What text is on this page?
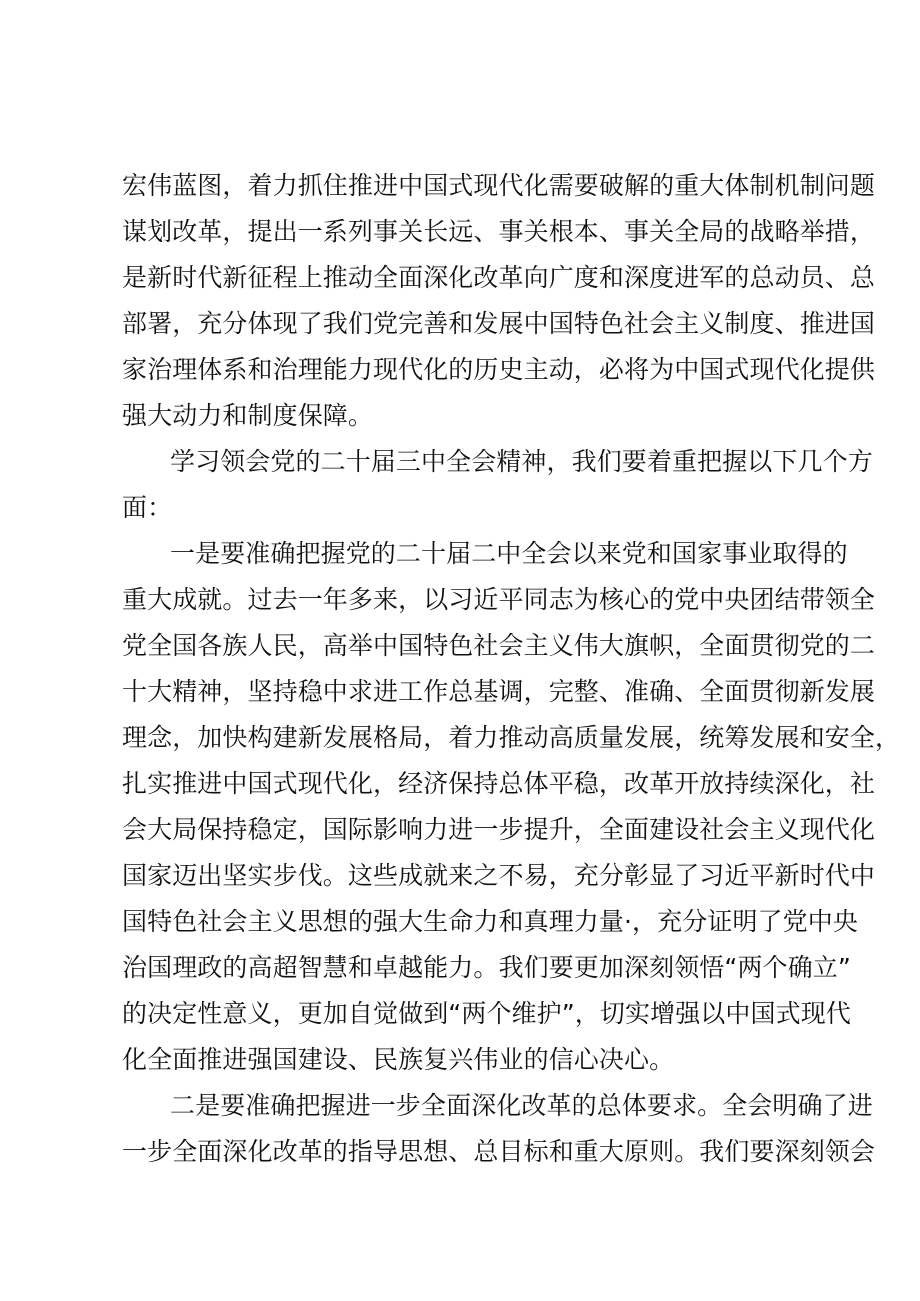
宏伟蓝图，着力抓住推进中国式现代化需要破解的重大体制机制问题
谋划改革，提出一系列事关长远、事关根本、事关全局的战略举措，
是新时代新征程上推动全面深化改革向广度和深度进军的总动员、总
部署，充分体现了我们党完善和发展中国特色社会主义制度、推进国
家治理体系和治理能力现代化的历史主动，必将为中国式现代化提供
强大动力和制度保障。
学习领会党的二十届三中全会精神，我们要着重把握以下几个方
面：
一是要准确把握党的二十届二中全会以来党和国家事业取得的
重大成就。过去一年多来，以习近平同志为核心的党中央团结带领全
党全国各族人民，高举中国特色社会主义伟大旗帜，全面贯彻党的二
十大精神，坚持稳中求进工作总基调，完整、准确、全面贯彻新发展
理念，加快构建新发展格局，着力推动高质量发展，统筹发展和安全，
扎实推进中国式现代化，经济保持总体平稳，改革开放持续深化，社
会大局保持稳定，国际影响力进一步提升，全面建设社会主义现代化
国家迈出坚实步伐。这些成就来之不易，充分彰显了习近平新时代中
国特色社会主义思想的强大生命力和真理力量·，充分证明了党中央
治国理政的高超智慧和卓越能力。我们要更加深刻领悟“两个确立”
的决定性意义，更加自觉做到“两个维护”，切实增强以中国式现代
化全面推进强国建设、民族复兴伟业的信心决心。
二是要准确把握进一步全面深化改革的总体要求。全会明确了进
一步全面深化改革的指导思想、总目标和重大原则。我们要深刻领会
